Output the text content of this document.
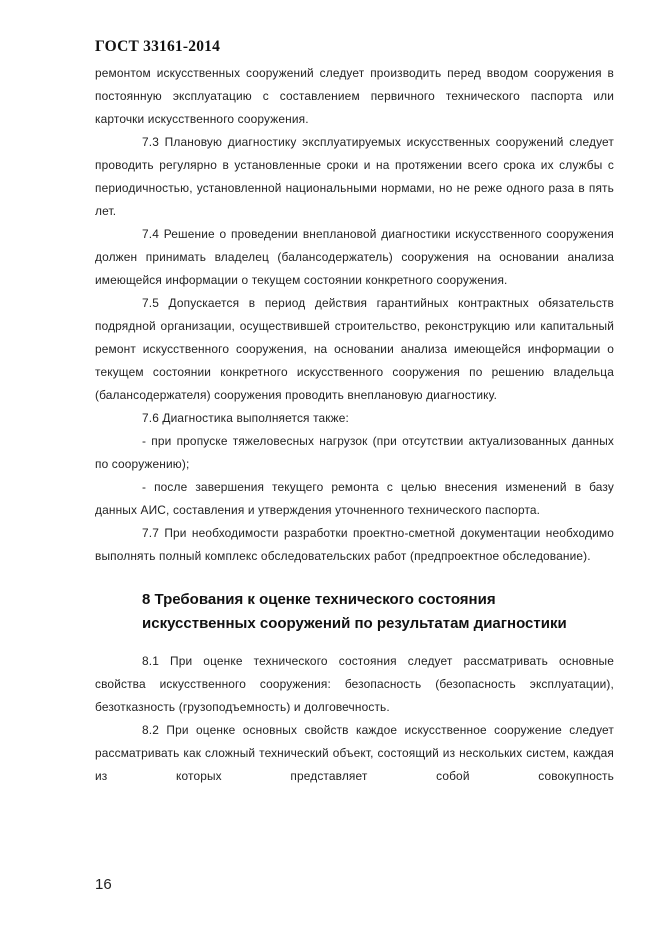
ГОСТ 33161-2014

ремонтом искусственных сооружений следует производить перед вводом сооружения в постоянную эксплуатацию с составлением первичного технического паспорта или карточки искусственного сооружения.

7.3 Плановую диагностику эксплуатируемых искусственных сооружений следует проводить регулярно в установленные сроки и на протяжении всего срока их службы с периодичностью, установленной национальными нормами, но не реже одного раза в пять лет.

7.4 Решение о проведении внеплановой диагностики искусственного сооружения должен принимать владелец (балансодержатель) сооружения на основании анализа имеющейся информации о текущем состоянии конкретного сооружения.

7.5 Допускается в период действия гарантийных контрактных обязательств подрядной организации, осуществившей строительство, реконструкцию или капитальный ремонт искусственного сооружения, на основании анализа имеющейся информации о текущем состоянии конкретного искусственного сооружения по решению владельца (балансодержателя) сооружения проводить внеплановую диагностику.

7.6 Диагностика выполняется также:

- при пропуске тяжеловесных нагрузок (при отсутствии актуализованных данных по сооружению);

- после завершения текущего ремонта с целью внесения изменений в базу данных АИС, составления и утверждения уточненного технического паспорта.

7.7 При необходимости разработки проектно-сметной документации необходимо выполнять полный комплекс обследовательских работ (предпроектное обследование).

8 Требования к оценке технического состояния
искусственных сооружений по результатам диагностики

8.1 При оценке технического состояния следует рассматривать основные свойства искусственного сооружения: безопасность (безопасность эксплуатации), безотказность (грузоподъемность) и долговечность.

8.2 При оценке основных свойств каждое искусственное сооружение следует рассматривать как сложный технический объект, состоящий из нескольких систем, каждая из которых представляет собой совокупность

16
